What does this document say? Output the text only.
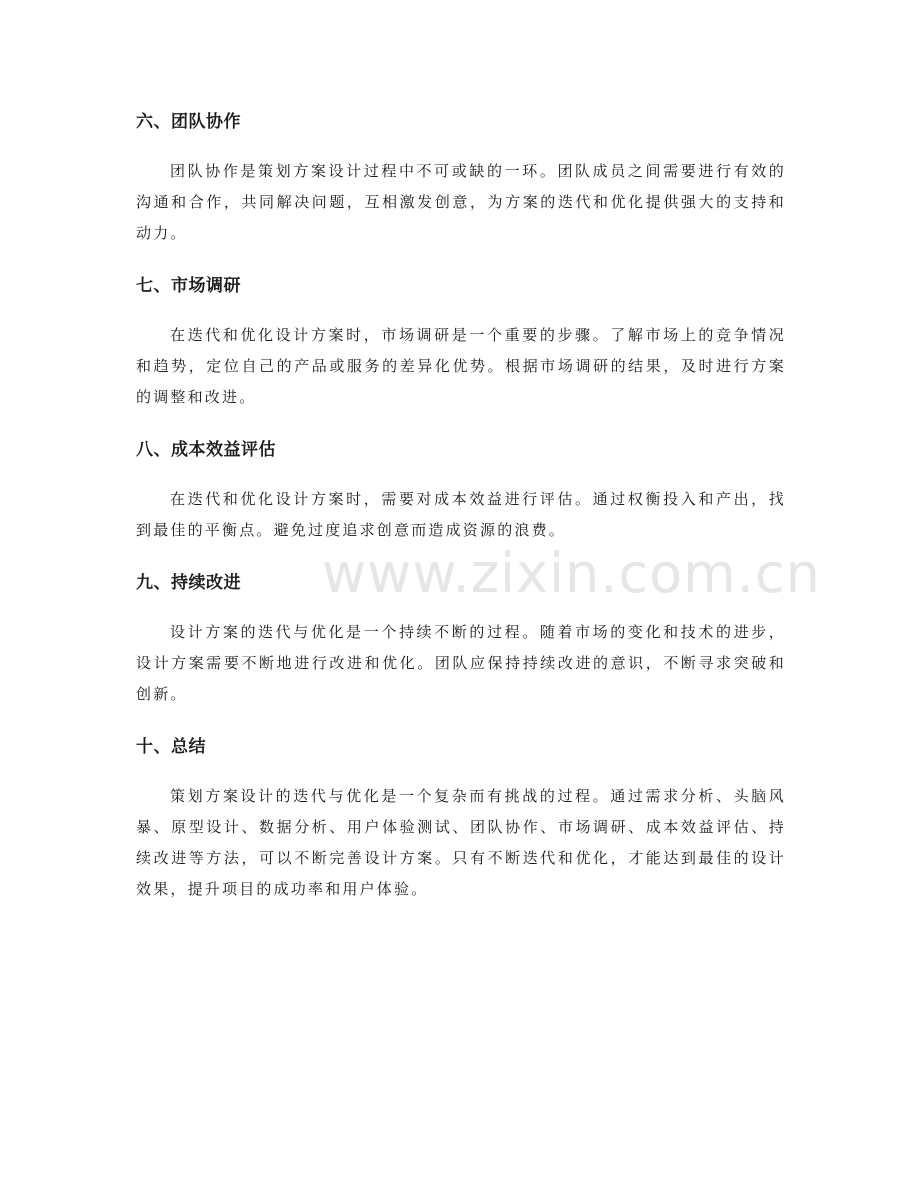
www.zixin.com.cn
六、团队协作

团队协作是策划方案设计过程中不可或缺的一环。团队成员之间需要进行有效的沟通和合作，共同解决问题，互相激发创意，为方案的迭代和优化提供强大的支持和动力。

七、市场调研

在迭代和优化设计方案时，市场调研是一个重要的步骤。了解市场上的竞争情况和趋势，定位自己的产品或服务的差异化优势。根据市场调研的结果，及时进行方案的调整和改进。

八、成本效益评估

在迭代和优化设计方案时，需要对成本效益进行评估。通过权衡投入和产出，找到最佳的平衡点。避免过度追求创意而造成资源的浪费。

九、持续改进

设计方案的迭代与优化是一个持续不断的过程。随着市场的变化和技术的进步，设计方案需要不断地进行改进和优化。团队应保持持续改进的意识，不断寻求突破和创新。

十、总结

策划方案设计的迭代与优化是一个复杂而有挑战的过程。通过需求分析、头脑风暴、原型设计、数据分析、用户体验测试、团队协作、市场调研、成本效益评估、持续改进等方法，可以不断完善设计方案。只有不断迭代和优化，才能达到最佳的设计效果，提升项目的成功率和用户体验。
